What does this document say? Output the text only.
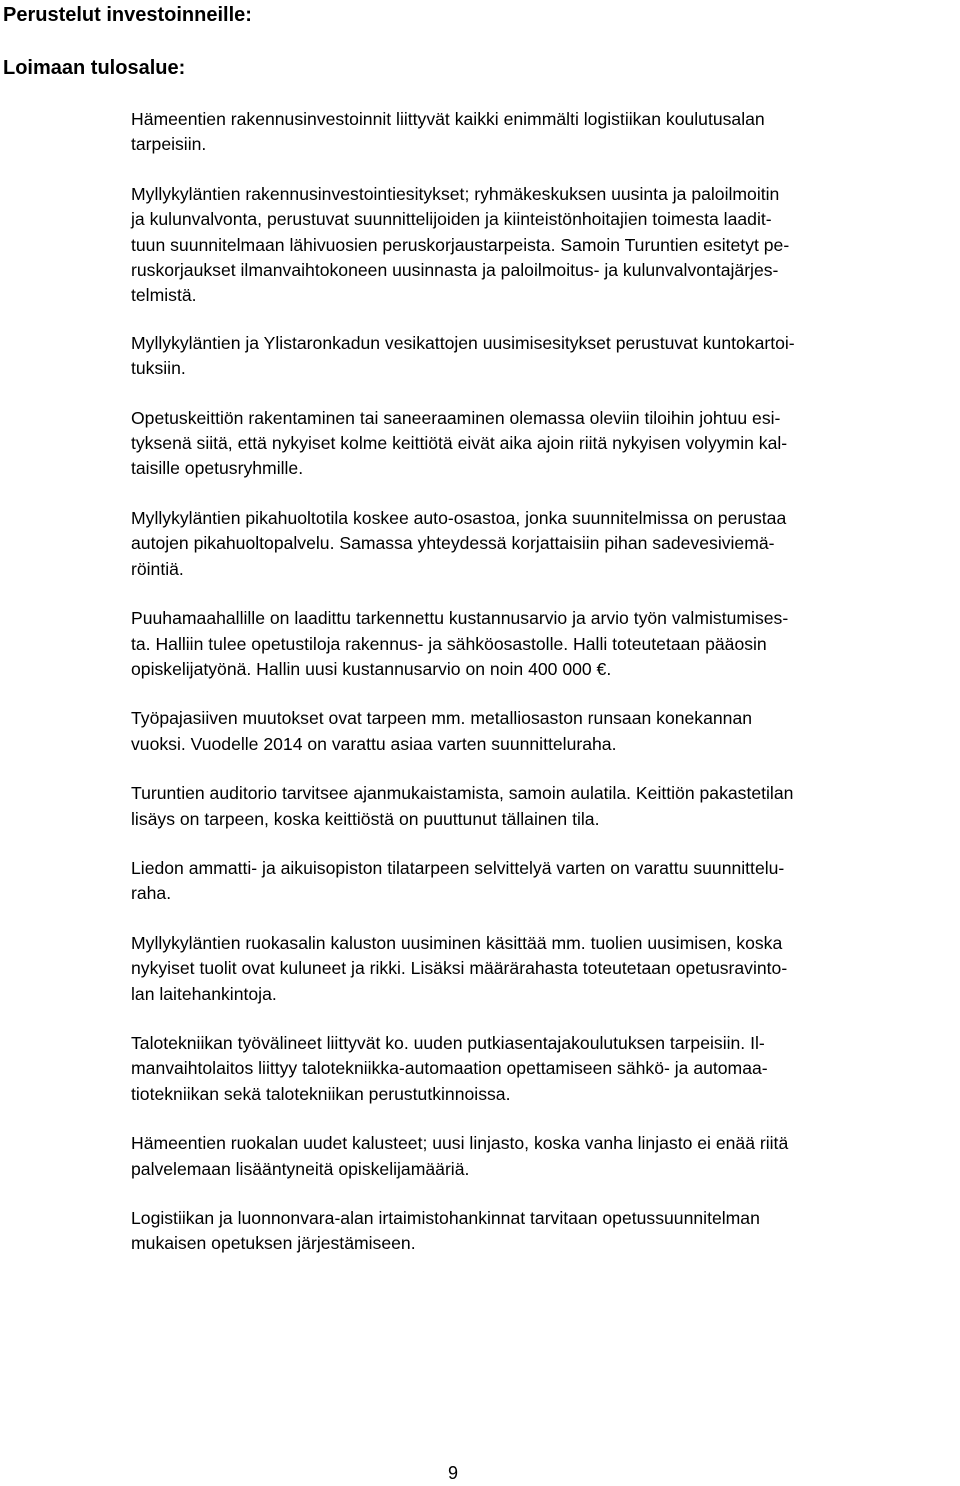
Perustelut investoinneille:
Loimaan tulosalue:

Hämeentien rakennusinvestoinnit liittyvät kaikki enimmälti logistiikan koulutusalan
tarpeisiin.

Myllykyläntien rakennusinvestointiesitykset; ryhmäkeskuksen uusinta ja paloilmoitin
ja kulunvalvonta, perustuvat suunnittelijoiden ja kiinteistönhoitajien toimesta laadit-
tuun suunnitelmaan lähivuosien peruskorjaustarpeista. Samoin Turuntien esitetyt pe-
ruskorjaukset ilmanvaihtokoneen uusinnasta ja paloilmoitus- ja kulunvalvontajärjes-
telmistä.

Myllykyläntien ja Ylistaronkadun vesikattojen uusimisesitykset perustuvat kuntokartoi-
tuksiin.

Opetuskeittiön rakentaminen tai saneeraaminen olemassa oleviin tiloihin johtuu esi-
tyksenä siitä, että nykyiset kolme keittiötä eivät aika ajoin riitä nykyisen volyymin kal-
taisille opetusryhmille.

Myllykyläntien pikahuoltotila koskee auto-osastoa, jonka suunnitelmissa on perustaa
autojen pikahuoltopalvelu. Samassa yhteydessä korjattaisiin pihan sadevesiviemä-
röintiä.

Puuhamaahallille on laadittu tarkennettu kustannusarvio ja arvio työn valmistumises-
ta. Halliin tulee opetustiloja rakennus- ja sähköosastolle. Halli toteutetaan pääosin
opiskelijatyönä. Hallin uusi kustannusarvio on noin 400 000 €.

Työpajasiiven muutokset ovat tarpeen mm. metalliosaston runsaan konekannan
vuoksi. Vuodelle 2014 on varattu asiaa varten suunnitteluraha.

Turuntien auditorio tarvitsee ajanmukaistamista, samoin aulatila. Keittiön pakastetilan
lisäys on tarpeen, koska keittiöstä on puuttunut tällainen tila.

Liedon ammatti- ja aikuisopiston tilatarpeen selvittelyä varten on varattu suunnittelu-
raha.

Myllykyläntien ruokasalin kaluston uusiminen käsittää mm. tuolien uusimisen, koska
nykyiset tuolit ovat kuluneet ja rikki. Lisäksi määrärahasta toteutetaan opetusravinto-
lan laitehankintoja.

Talotekniikan työvälineet liittyvät ko. uuden putkiasentajakoulutuksen tarpeisiin. Il-
manvaihtolaitos liittyy talotekniikka-automaation opettamiseen sähkö- ja automaa-
tiotekniikan sekä talotekniikan perustutkinnoissa.

Hämeentien ruokalan uudet kalusteet; uusi linjasto, koska vanha linjasto ei enää riitä
palvelemaan lisääntyneitä opiskelijamääriä.

Logistiikan ja luonnonvara-alan irtaimistohankinnat tarvitaan opetussuunnitelman
mukaisen opetuksen järjestämiseen.

9
